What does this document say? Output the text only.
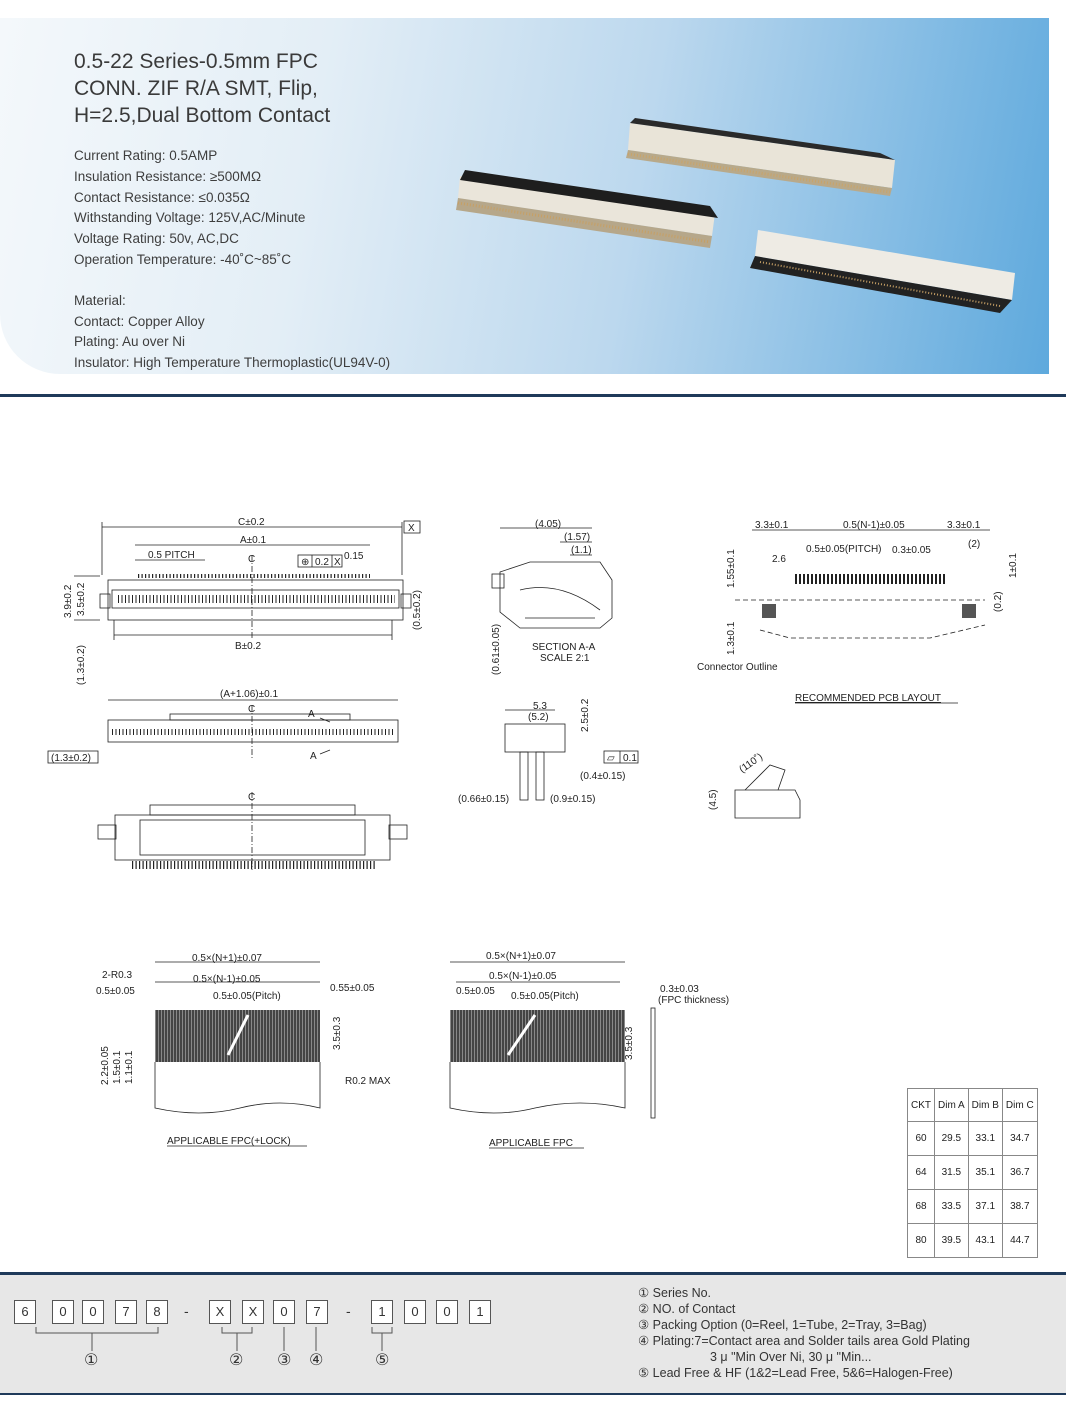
0.5-22 Series-0.5mm FPC
CONN. ZIF R/A SMT, Flip,
H=2.5,Dual Bottom Contact
Current Rating: 0.5AMP
Insulation Resistance: ≥500MΩ
Contact Resistance: ≤0.035Ω
Withstanding Voltage: 125V,AC/Minute
Voltage Rating: 50v, AC,DC
Operation Temperature: -40˚C~85˚C
Material:
Contact: Copper Alloy
Plating: Au over Ni
Insulator: High Temperature Thermoplastic(UL94V-0)
C±0.2
X
A±0.1
0.5 PITCH	C	⊕ 0.2 X
0.15
B±0.2
3.9±0.2 3.5±0.2	(0.5±0.2)
(1.3±0.2)
(A+1.06)±0.1
C	A
A
(1.3±0.2)
C
(4.05)
(1.57)
(1.1)
(0.61±0.05)	SECTION A-A
SCALE 2:1
5.3
(5.2)	2.5±0.2
⏥ 0.1
(0.4±0.15)
(0.66±0.15)	(0.9±0.15)
3.3±0.1	0.5(N-1)±0.05	3.3±0.1
0.5±0.05(PITCH) 0.3±0.05
(2)
2.6
1.55±0.1	1±0.1
(0.2)
1.3±0.1
Connector Outline
RECOMMENDED PCB LAYOUT
(110˚)
(4.5)
0.5×(N+1)±0.07
2-R0.3	0.5×(N-1)±0.05
0.5±0.05	0.55±0.05
0.5±0.05(Pitch)
3.5±0.3
2.2±0.05 1.5±0.1 1.1±0.1	R0.2 MAX
APPLICABLE FPC(+LOCK)
0.5×(N+1)±0.07
0.5×(N-1)±0.05
0.5±0.05 0.5±0.05(Pitch)
3.5±0.3
0.3±0.03
(FPC thickness)
APPLICABLE FPC
CKT	Dim A	Dim B	Dim C
60	29.5	33.1	34.7
64	31.5	35.1	36.7
68	33.5	37.1	38.7
80	39.5	43.1	44.7
6	0	0	7	8	-	X	X	0	7	-	1	0	0	1
①	② ③ ④	⑤
① Series No.
② NO. of Contact
③ Packing Option (0=Reel, 1=Tube, 2=Tray, 3=Bag)
④ Plating:7=Contact area and Solder tails area Gold Plating
3 μ "Min Over Ni, 30 μ "Min...
⑤ Lead Free & HF (1&2=Lead Free, 5&6=Halogen-Free)
